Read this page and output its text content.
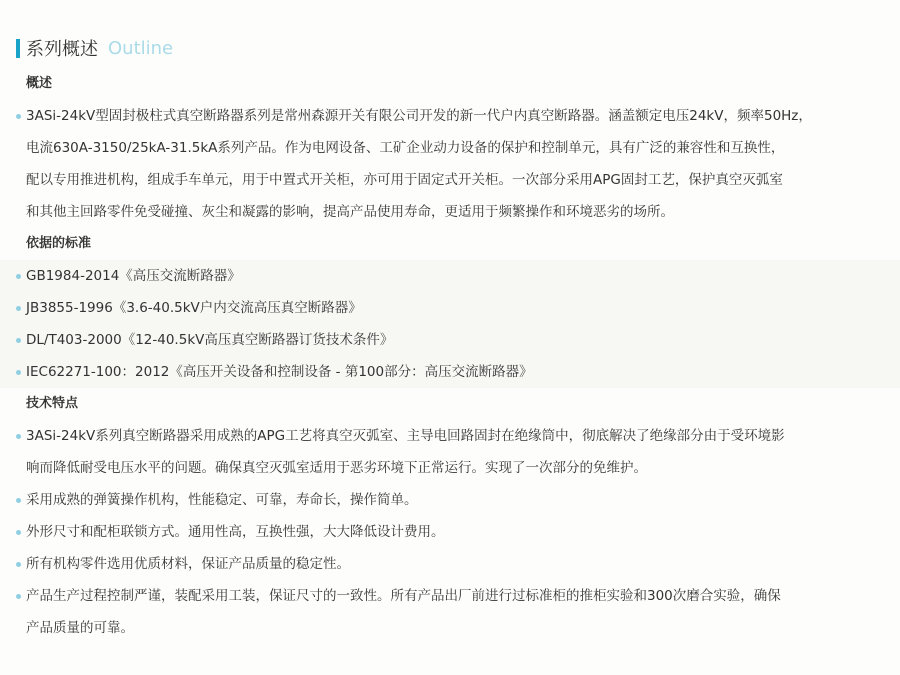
系列概述 Outline
概述
3ASi-24kV型固封极柱式真空断路器系列是常州森源开关有限公司开发的新一代户内真空断路器。涵盖额定电压24kV，频率50Hz，
电流630A-3150/25kA-31.5kA系列产品。作为电网设备、工矿企业动力设备的保护和控制单元，具有广泛的兼容性和互换性，
配以专用推进机构，组成手车单元，用于中置式开关柜，亦可用于固定式开关柜。一次部分采用APG固封工艺，保护真空灭弧室
和其他主回路零件免受碰撞、灰尘和凝露的影响，提高产品使用寿命，更适用于频繁操作和环境恶劣的场所。
依据的标准
GB1984-2014《高压交流断路器》
JB3855-1996《3.6-40.5kV户内交流高压真空断路器》
DL/T403-2000《12-40.5kV高压真空断路器订货技术条件》
IEC62271-100：2012《高压开关设备和控制设备 - 第100部分：高压交流断路器》
技术特点
3ASi-24kV系列真空断路器采用成熟的APG工艺将真空灭弧室、主导电回路固封在绝缘筒中，彻底解决了绝缘部分由于受环境影
响而降低耐受电压水平的问题。确保真空灭弧室适用于恶劣环境下正常运行。实现了一次部分的免维护。
采用成熟的弹簧操作机构，性能稳定、可靠，寿命长，操作简单。
外形尺寸和配柜联锁方式。通用性高，互换性强，大大降低设计费用。
所有机构零件选用优质材料，保证产品质量的稳定性。
产品生产过程控制严谨，装配采用工装，保证尺寸的一致性。所有产品出厂前进行过标准柜的推柜实验和300次磨合实验，确保
产品质量的可靠。
